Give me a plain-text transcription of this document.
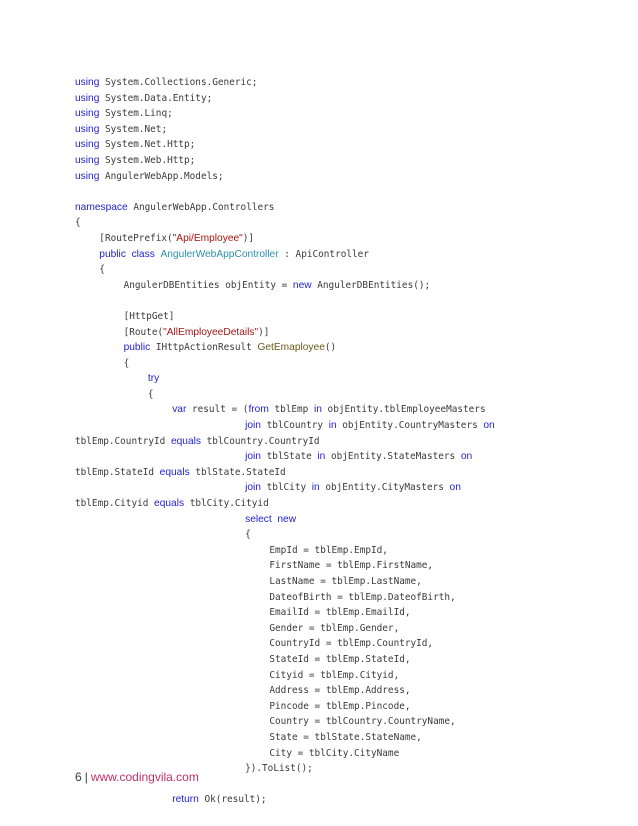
using System.Collections.Generic;
using System.Data.Entity;
using System.Linq;
using System.Net;
using System.Net.Http;
using System.Web.Http;
using AngulerWebApp.Models;
namespace AngulerWebApp.Controllers
{
[RoutePrefix("Api/Employee")]
public class AngulerWebAppController : ApiController
{
AngulerDBEntities objEntity = new AngulerDBEntities();
[HttpGet]
[Route("AllEmployeeDetails")]
public IHttpActionResult GetEmaployee()
{
try
{
var result = (from tblEmp in objEntity.tblEmployeeMasters
join tblCountry in objEntity.CountryMasters on
tblEmp.CountryId equals tblCountry.CountryId
join tblState in objEntity.StateMasters on
tblEmp.StateId equals tblState.StateId
join tblCity in objEntity.CityMasters on
tblEmp.Cityid equals tblCity.Cityid
select new
{
EmpId = tblEmp.EmpId,
FirstName = tblEmp.FirstName,
LastName = tblEmp.LastName,
DateofBirth = tblEmp.DateofBirth,
EmailId = tblEmp.EmailId,
Gender = tblEmp.Gender,
CountryId = tblEmp.CountryId,
StateId = tblEmp.StateId,
Cityid = tblEmp.Cityid,
Address = tblEmp.Address,
Pincode = tblEmp.Pincode,
Country = tblCountry.CountryName,
State = tblState.StateName,
City = tblCity.CityName
}).ToList();
return Ok(result);
6 | www.codingvila.com
